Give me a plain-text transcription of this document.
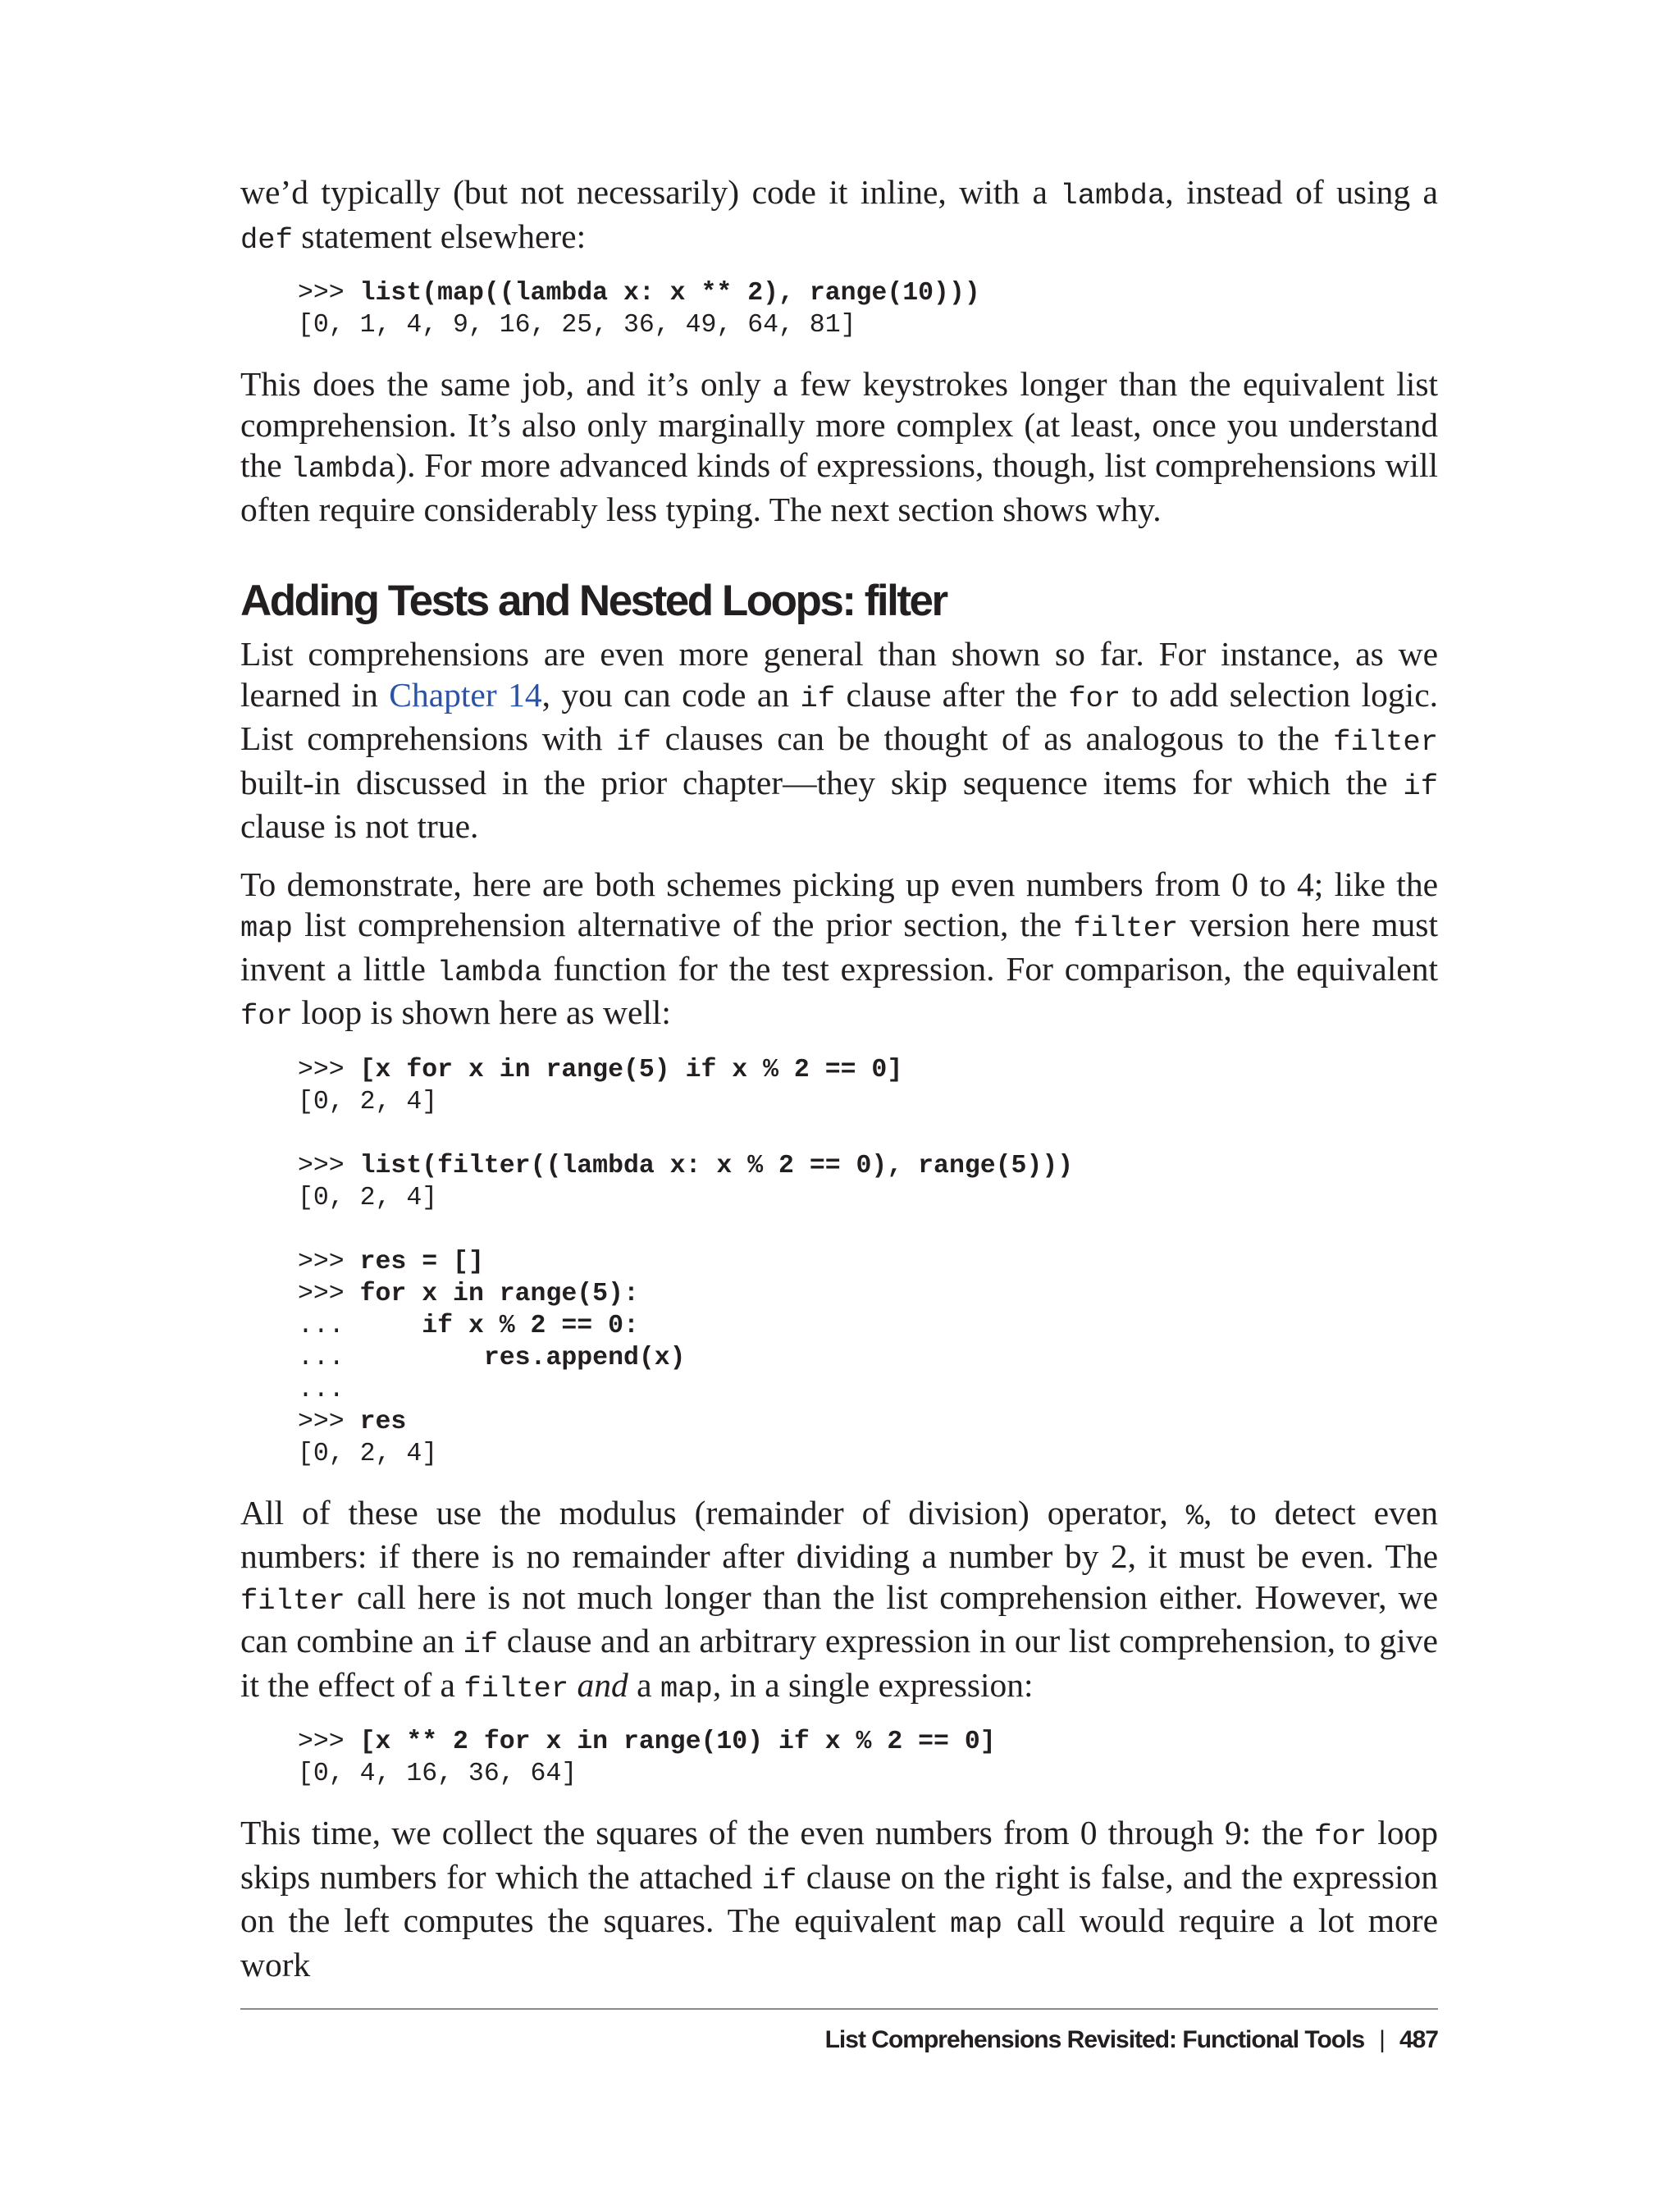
we’d typically (but not necessarily) code it inline, with a lambda, instead of using a def statement elsewhere:

>>> list(map((lambda x: x ** 2), range(10)))
[0, 1, 4, 9, 16, 25, 36, 49, 64, 81]

This does the same job, and it’s only a few keystrokes longer than the equivalent list comprehension. It’s also only marginally more complex (at least, once you understand the lambda). For more advanced kinds of expressions, though, list comprehensions will often require considerably less typing. The next section shows why.

Adding Tests and Nested Loops: filter

List comprehensions are even more general than shown so far. For instance, as we learned in Chapter 14, you can code an if clause after the for to add selection logic. List comprehensions with if clauses can be thought of as analogous to the filter built-in discussed in the prior chapter—they skip sequence items for which the if clause is not true.

To demonstrate, here are both schemes picking up even numbers from 0 to 4; like the map list comprehension alternative of the prior section, the filter version here must invent a little lambda function for the test expression. For comparison, the equivalent for loop is shown here as well:

>>> [x for x in range(5) if x % 2 == 0]
[0, 2, 4]

>>> list(filter((lambda x: x % 2 == 0), range(5)))
[0, 2, 4]

>>> res = []
>>> for x in range(5):
...     if x % 2 == 0:
...         res.append(x)
...
>>> res
[0, 2, 4]

All of these use the modulus (remainder of division) operator, %, to detect even numbers: if there is no remainder after dividing a number by 2, it must be even. The filter call here is not much longer than the list comprehension either. However, we can combine an if clause and an arbitrary expression in our list comprehension, to give it the effect of a filter and a map, in a single expression:

>>> [x ** 2 for x in range(10) if x % 2 == 0]
[0, 4, 16, 36, 64]

This time, we collect the squares of the even numbers from 0 through 9: the for loop skips numbers for which the attached if clause on the right is false, and the expression on the left computes the squares. The equivalent map call would require a lot more work

List Comprehensions Revisited: Functional Tools | 487
